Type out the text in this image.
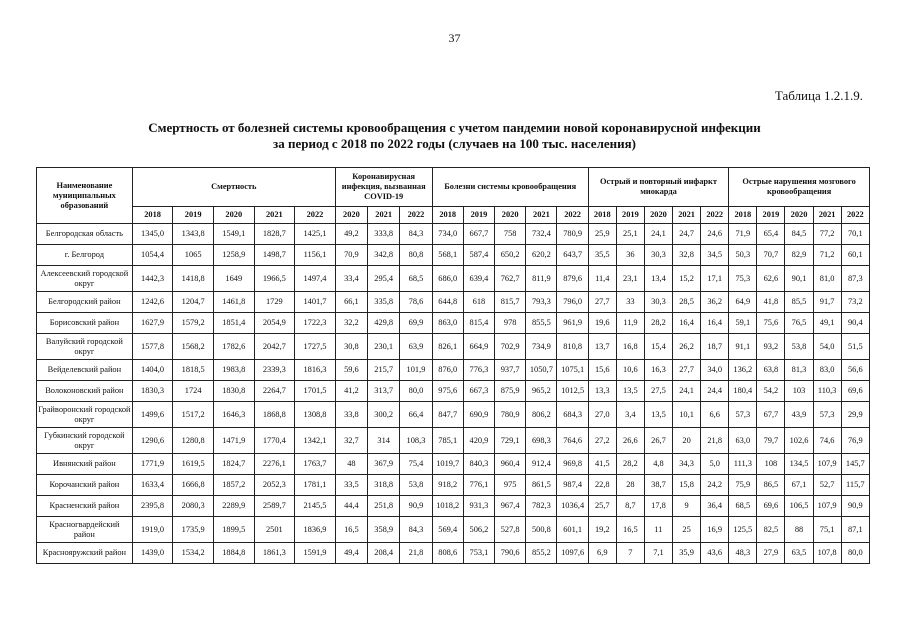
37
Таблица 1.2.1.9.
Смертность от болезней системы кровообращения с учетом пандемии новой коронавирусной инфекции
за период с 2018 по 2022 годы (случаев на 100 тыс. населения)
Наименование муниципальных образований	Смертность					Коронавирусная инфекция, вызванная COVID-19			Болезни системы кровообращения					Острый и повторный инфаркт миокарда					Острые нарушения мозгового кровообращения				
	2018	2019	2020	2021	2022	2020	2021	2022	2018	2019	2020	2021	2022	2018	2019	2020	2021	2022	2018	2019	2020	2021	2022
Белгородская область	1345,0	1343,8	1549,1	1828,7	1425,1	49,2	333,8	84,3	734,0	667,7	758	732,4	780,9	25,9	25,1	24,1	24,7	24,6	71,9	65,4	84,5	77,2	70,1
г. Белгород	1054,4	1065	1258,9	1498,7	1156,1	70,9	342,8	80,8	568,1	587,4	650,2	620,2	643,7	35,5	36	30,3	32,8	34,5	50,3	70,7	82,9	71,2	60,1
Алексеевский городской округ	1442,3	1418,8	1649	1966,5	1497,4	33,4	295,4	68,5	686,0	639,4	762,7	811,9	879,6	11,4	23,1	13,4	15,2	17,1	75,3	62,6	90,1	81,0	87,3
Белгородский район	1242,6	1204,7	1461,8	1729	1401,7	66,1	335,8	78,6	644,8	618	815,7	793,3	796,0	27,7	33	30,3	28,5	36,2	64,9	41,8	85,5	91,7	73,2
Борисовский район	1627,9	1579,2	1851,4	2054,9	1722,3	32,2	429,8	69,9	863,0	815,4	978	855,5	961,9	19,6	11,9	28,2	16,4	16,4	59,1	75,6	76,5	49,1	90,4
Валуйский городской округ	1577,8	1568,2	1782,6	2042,7	1727,5	30,8	230,1	63,9	826,1	664,9	702,9	734,9	810,8	13,7	16,8	15,4	26,2	18,7	91,1	93,2	53,8	54,0	51,5
Вейделевский район	1404,0	1818,5	1983,8	2339,3	1816,3	59,6	215,7	101,9	876,0	776,3	937,7	1050,7	1075,1	15,6	10,6	16,3	27,7	34,0	136,2	63,8	81,3	83,0	56,6
Волоконовский район	1830,3	1724	1830,8	2264,7	1701,5	41,2	313,7	80,0	975,6	667,3	875,9	965,2	1012,5	13,3	13,5	27,5	24,1	24,4	180,4	54,2	103	110,3	69,6
Грайворонский городской округ	1499,6	1517,2	1646,3	1868,8	1308,8	33,8	300,2	66,4	847,7	690,9	780,9	806,2	684,3	27,0	3,4	13,5	10,1	6,6	57,3	67,7	43,9	57,3	29,9
Губкинский городской округ	1290,6	1280,8	1471,9	1770,4	1342,1	32,7	314	108,3	785,1	420,9	729,1	698,3	764,6	27,2	26,6	26,7	20	21,8	63,0	79,7	102,6	74,6	76,9
Ивнянский район	1771,9	1619,5	1824,7	2276,1	1763,7	48	367,9	75,4	1019,7	840,3	960,4	912,4	969,8	41,5	28,2	4,8	34,3	5,0	111,3	108	134,5	107,9	145,7
Корочанский район	1633,4	1666,8	1857,2	2052,3	1781,1	33,5	318,8	53,8	918,2	776,1	975	861,5	987,4	22,8	28	38,7	15,8	24,2	75,9	86,5	67,1	52,7	115,7
Красненский район	2395,8	2080,3	2289,9	2589,7	2145,5	44,4	251,8	90,9	1018,2	931,3	967,4	782,3	1036,4	25,7	8,7	17,8	9	36,4	68,5	69,6	106,5	107,9	90,9
Красногвардейский район	1919,0	1735,9	1899,5	2501	1836,9	16,5	358,9	84,3	569,4	506,2	527,8	500,8	601,1	19,2	16,5	11	25	16,9	125,5	82,5	88	75,1	87,1
Краснояружский район	1439,0	1534,2	1884,8	1861,3	1591,9	49,4	208,4	21,8	808,6	753,1	790,6	855,2	1097,6	6,9	7	7,1	35,9	43,6	48,3	27,9	63,5	107,8	80,0
